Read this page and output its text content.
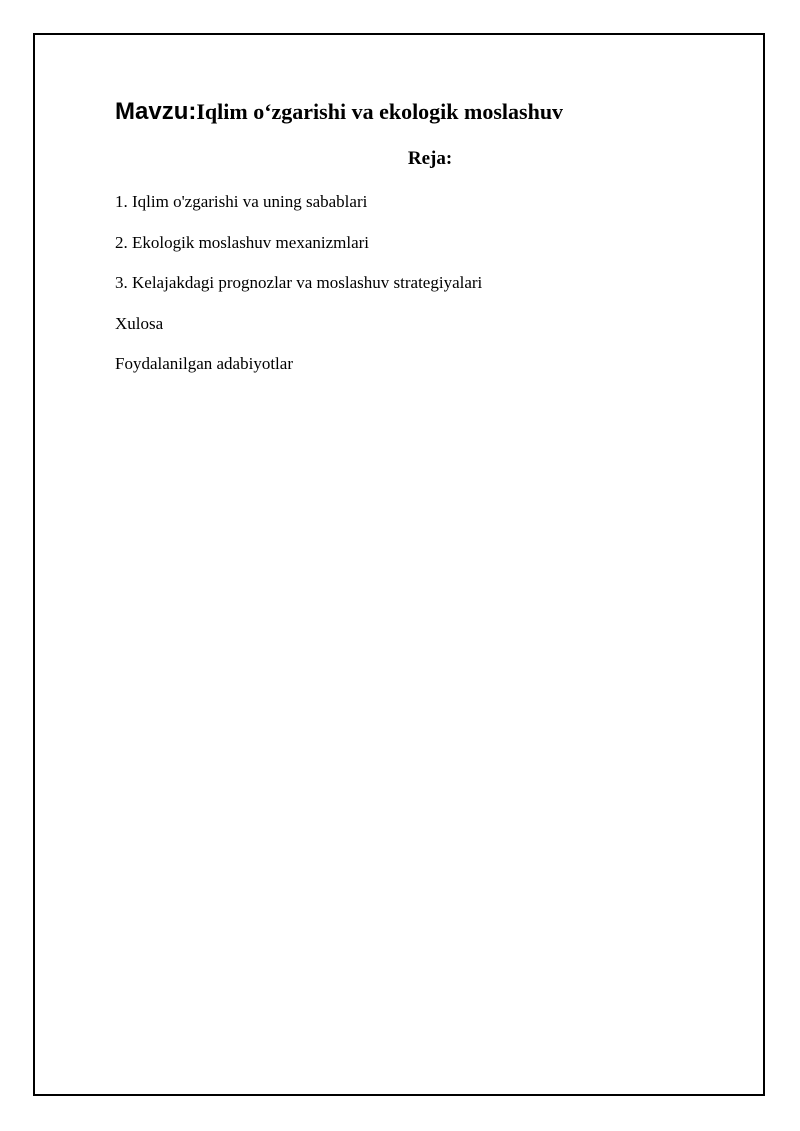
Mavzu:Iqlim o‘zgarishi va ekologik moslashuv
Reja:
1. Iqlim o'zgarishi va uning sabablari
2. Ekologik moslashuv mexanizmlari
3. Kelajakdagi prognozlar va moslashuv strategiyalari
Xulosa
Foydalanilgan adabiyotlar
